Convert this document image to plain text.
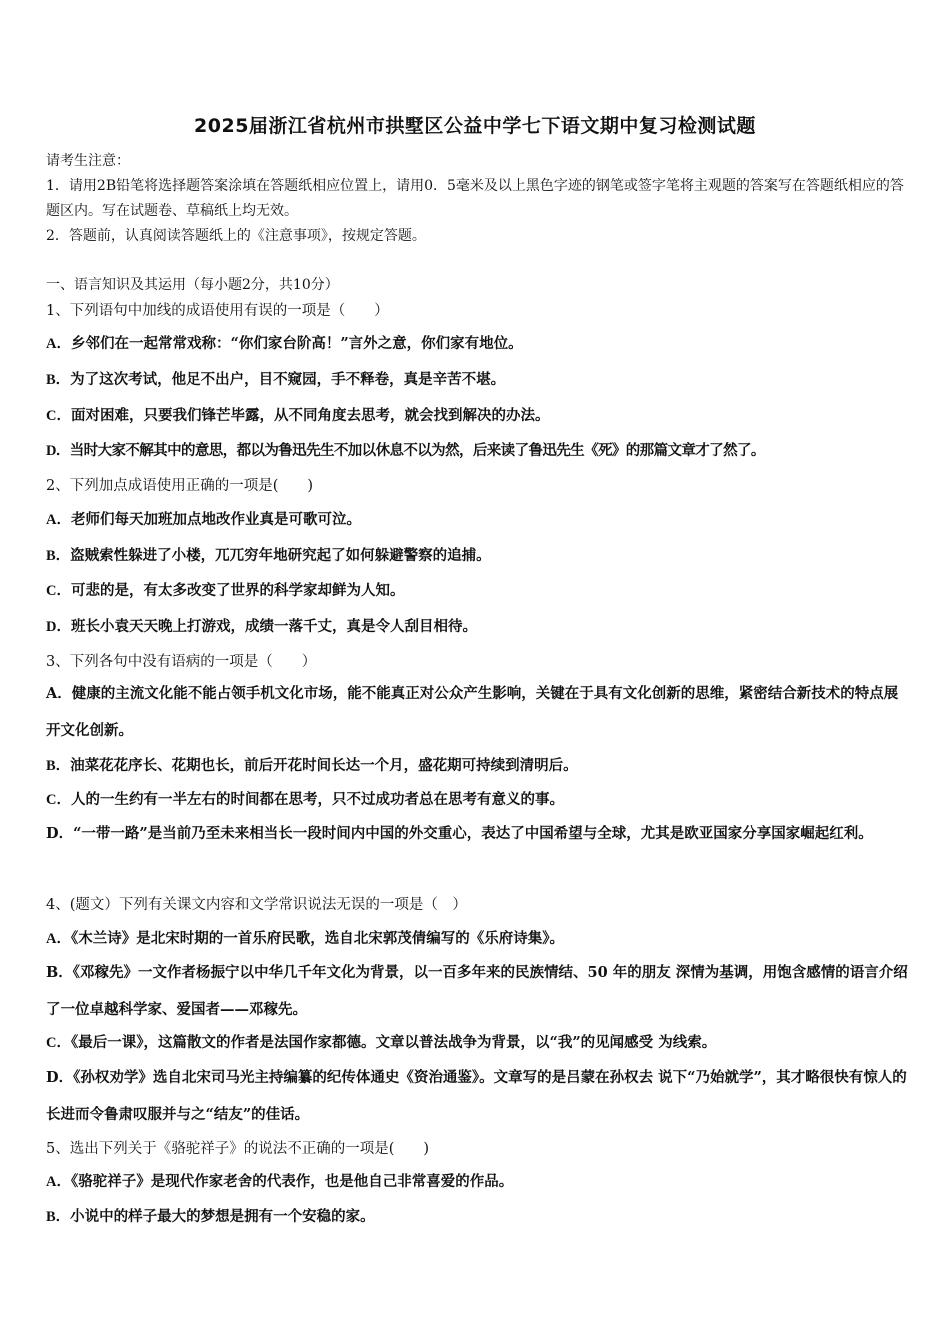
2025届浙江省杭州市拱墅区公益中学七下语文期中复习检测试题
请考生注意：
1．请用2B铅笔将选择题答案涂填在答题纸相应位置上，请用0．5毫米及以上黑色字迹的钢笔或签字笔将主观题的答案写在答题纸相应的答题区内。写在试题卷、草稿纸上均无效。
2．答题前，认真阅读答题纸上的《注意事项》，按规定答题。
一、语言知识及其运用（每小题2分，共10分）
1、下列语句中加线的成语使用有误的一项是（　　）
A．乡邻们在一起常常戏称：“你们家台阶高！”言外之意，你们家有地位。
B．为了这次考试，他足不出户，目不窥园，手不释卷，真是辛苦不堪。
C．面对困难，只要我们锋芒毕露，从不同角度去思考，就会找到解决的办法。
D．当时大家不解其中的意思，都以为鲁迅先生不加以休息不以为然，后来读了鲁迅先生《死》的那篇文章才了然了。
2、下列加点成语使用正确的一项是(　　)
A．老师们每天加班加点地改作业真是可歌可泣。
B．盗贼索性躲进了小楼，兀兀穷年地研究起了如何躲避警察的追捕。
C．可悲的是，有太多改变了世界的科学家却鲜为人知。
D．班长小袁天天晚上打游戏，成绩一落千丈，真是令人刮目相待。
3、下列各句中没有语病的一项是（　　）
A．健康的主流文化能不能占领手机文化市场，能不能真正对公众产生影响，关键在于具有文化创新的思维，紧密结合新技术的特点展开文化创新。
B．油菜花花序长、花期也长，前后开花时间长达一个月，盛花期可持续到清明后。
C．人的一生约有一半左右的时间都在思考，只不过成功者总在思考有意义的事。
D．“一带一路”是当前乃至未来相当长一段时间内中国的外交重心，表达了中国希望与全球，尤其是欧亚国家分享国家崛起红利。
4、(题文）下列有关课文内容和文学常识说法无误的一项是（　）
A．《木兰诗》是北宋时期的一首乐府民歌，选自北宋郭茂倩编写的《乐府诗集》。
B．《邓稼先》一文作者杨振宁以中华几千年文化为背景，以一百多年来的民族情结、50 年的朋友 深情为基调，用饱含感情的语言介绍了一位卓越科学家、爱国者——邓稼先。
C．《最后一课》，这篇散文的作者是法国作家都德。文章以普法战争为背景，以“我”的见闻感受 为线索。
D．《孙权劝学》选自北宋司马光主持编纂的纪传体通史《资治通鉴》。文章写的是吕蒙在孙权去 说下“乃始就学”，其才略很快有惊人的长进而令鲁肃叹服并与之“结友”的佳话。
5、选出下列关于《骆驼祥子》的说法不正确的一项是(　　)
A．《骆驼祥子》是现代作家老舍的代表作，也是他自己非常喜爱的作品。
B．小说中的样子最大的梦想是拥有一个安稳的家。
